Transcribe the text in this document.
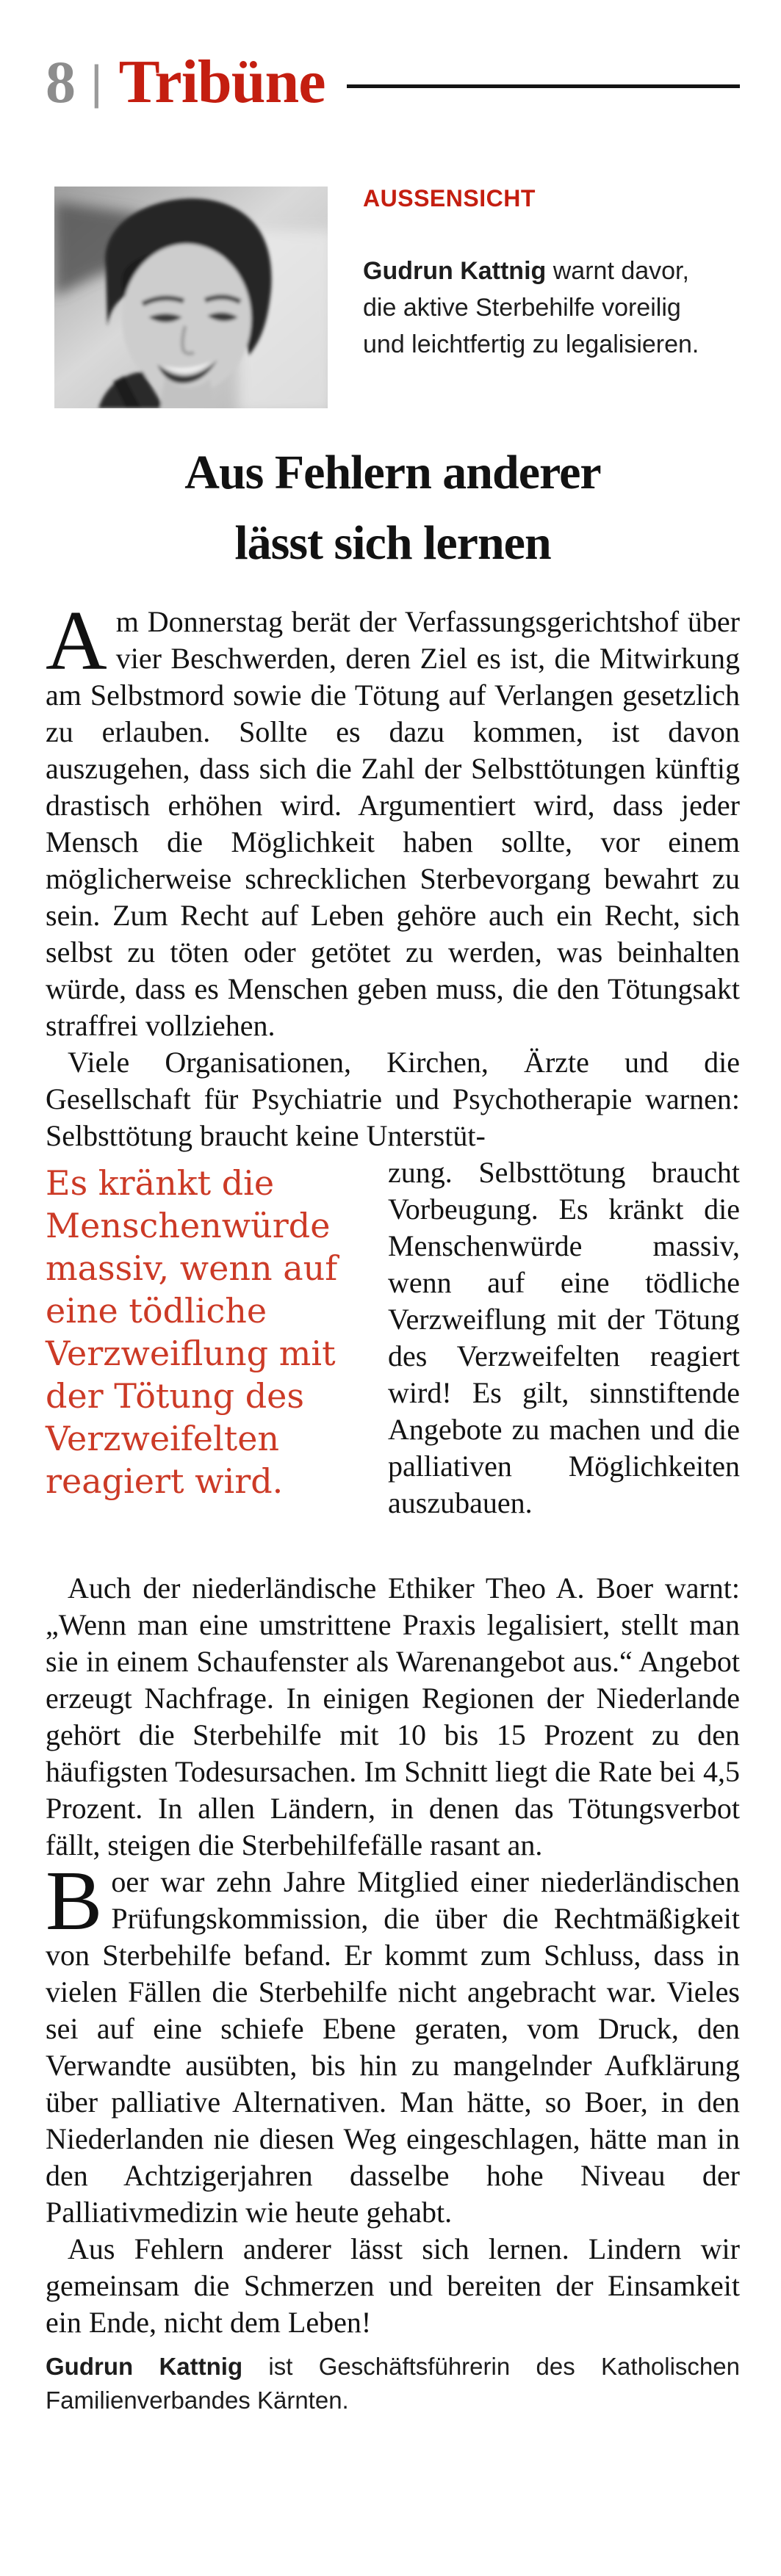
8 | Tribüne
AUSSENSICHT

Gudrun Kattnig warnt davor, die aktive Sterbehilfe voreilig und leichtfertig zu legalisieren.

Aus Fehlern anderer
lässt sich lernen

Am Donnerstag berät der Verfassungsgerichtshof über vier Beschwerden, deren Ziel es ist, die Mitwirkung am Selbstmord sowie die Tötung auf Verlangen gesetzlich zu erlauben. Sollte es dazu kommen, ist davon auszugehen, dass sich die Zahl der Selbsttötungen künftig drastisch erhöhen wird. Argumentiert wird, dass jeder Mensch die Möglichkeit haben sollte, vor einem möglicherweise schrecklichen Sterbevorgang bewahrt zu sein. Zum Recht auf Leben gehöre auch ein Recht, sich selbst zu töten oder getötet zu werden, was beinhalten würde, dass es Menschen geben muss, die den Tötungsakt straffrei vollziehen.

Viele Organisationen, Kirchen, Ärzte und die Gesellschaft für Psychiatrie und Psychotherapie warnen: Selbsttötung braucht keine Unterstüt-

Es kränkt die Menschenwürde massiv, wenn auf eine tödliche Verzweiflung mit der Tötung des Verzweifelten reagiert wird.

zung. Selbsttötung braucht Vorbeugung. Es kränkt die Menschenwürde massiv, wenn auf eine tödliche Verzweiflung mit der Tötung des Verzweifelten reagiert wird! Es gilt, sinnstiftende Angebote zu machen und die palliativen Möglichkeiten auszubauen.

Auch der niederländische Ethiker Theo A. Boer warnt: „Wenn man eine umstrittene Praxis legalisiert, stellt man sie in einem Schaufenster als Warenangebot aus.“ Angebot erzeugt Nachfrage. In einigen Regionen der Niederlande gehört die Sterbehilfe mit 10 bis 15 Prozent zu den häufigsten Todesursachen. Im Schnitt liegt die Rate bei 4,5 Prozent. In allen Ländern, in denen das Tötungsverbot fällt, steigen die Sterbehilfefälle rasant an.

Boer war zehn Jahre Mitglied einer niederländischen Prüfungskommission, die über die Rechtmäßigkeit von Sterbehilfe befand. Er kommt zum Schluss, dass in vielen Fällen die Sterbehilfe nicht angebracht war. Vieles sei auf eine schiefe Ebene geraten, vom Druck, den Verwandte ausübten, bis hin zu mangelnder Aufklärung über palliative Alternativen. Man hätte, so Boer, in den Niederlanden nie diesen Weg eingeschlagen, hätte man in den Achtzigerjahren dasselbe hohe Niveau der Palliativmedizin wie heute gehabt.

Aus Fehlern anderer lässt sich lernen. Lindern wir gemeinsam die Schmerzen und bereiten der Einsamkeit ein Ende, nicht dem Leben!

Gudrun Kattnig ist Geschäftsführerin des Katholischen Familienverbandes Kärnten.
